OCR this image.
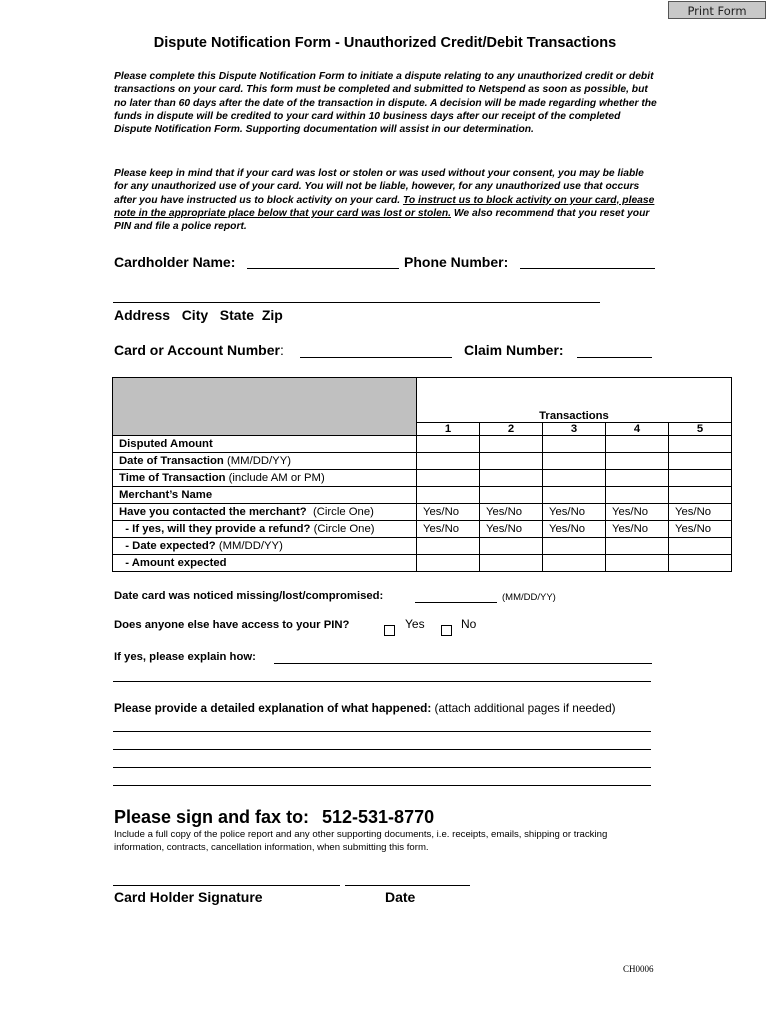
Print Form
Dispute Notification Form - Unauthorized Credit/Debit Transactions
Please complete this Dispute Notification Form to initiate a dispute relating to any unauthorized credit or debit transactions on your card. This form must be completed and submitted to Netspend as soon as possible, but no later than 60 days after the date of the transaction in dispute. A decision will be made regarding whether the funds in dispute will be credited to your card within 10 business days after our receipt of the completed Dispute Notification Form. Supporting documentation will assist in our determination.
Please keep in mind that if your card was lost or stolen or was used without your consent, you may be liable for any unauthorized use of your card. You will not be liable, however, for any unauthorized use that occurs after you have instructed us to block activity on your card. To instruct us to block activity on your card, please note in the appropriate place below that your card was lost or stolen. We also recommend that you reset your PIN and file a police report.
Cardholder Name:	Phone Number:
Address   City   State  Zip
Card or Account Number:	Claim Number:
	Transactions				
	1	2	3	4	5
Disputed Amount					
Date of Transaction (MM/DD/YY)					
Time of Transaction (include AM or PM)					
Merchant’s Name					
Have you contacted the merchant?  (Circle One)	Yes/No	Yes/No	Yes/No	Yes/No	Yes/No
- If yes, will they provide a refund? (Circle One)	Yes/No	Yes/No	Yes/No	Yes/No	Yes/No
- Date expected? (MM/DD/YY)					
- Amount expected					
Date card was noticed missing/lost/compromised:	(MM/DD/YY)
Does anyone else have access to your PIN?	Yes	No
If yes, please explain how:
Please provide a detailed explanation of what happened: (attach additional pages if needed)
Please sign and fax to: 512-531-8770
Include a full copy of the police report and any other supporting documents, i.e. receipts, emails, shipping or tracking information, contracts, cancellation information, when submitting this form.
Card Holder Signature	Date
CH0006
